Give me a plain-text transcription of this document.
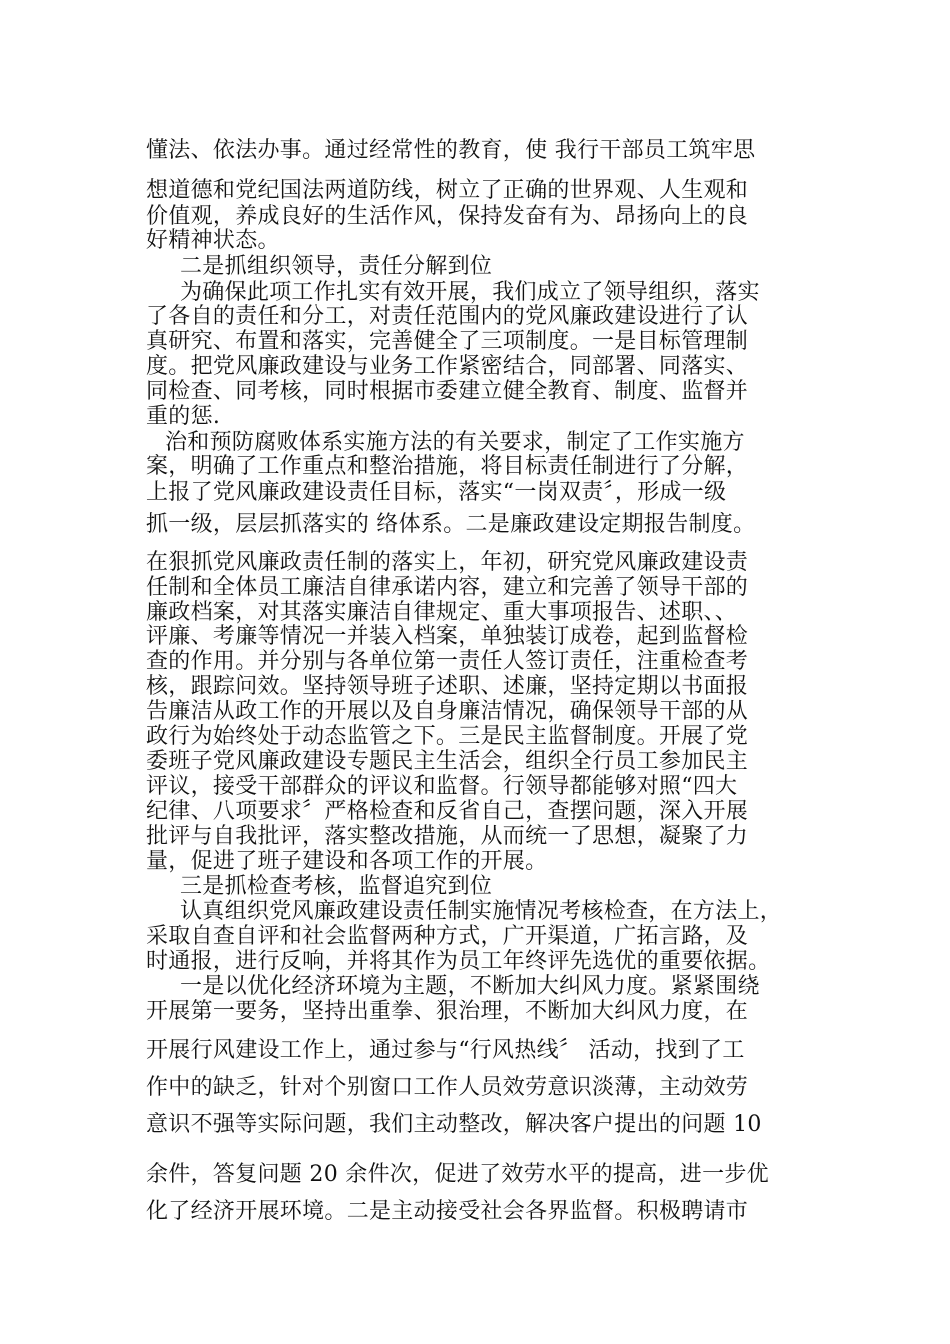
懂法、依法办事。通过经常性的教育，使 我行干部员工筑牢思
想道德和党纪国法两道防线，树立了正确的世界观、人生观和
价值观，养成良好的生活作风，保持发奋有为、昂扬向上的良
好精神状态。
二是抓组织领导，责任分解到位
为确保此项工作扎实有效开展，我们成立了领导组织，落实
了各自的责任和分工，对责任范围内的党风廉政建设进行了认
真研究、布置和落实，完善健全了三项制度。一是目标管理制
度。把党风廉政建设与业务工作紧密结合，同部署、同落实、
同检查、同考核，同时根据市委建立健全教育、制度、监督并
重的惩.
治和预防腐败体系实施方法的有关要求，制定了工作实施方
案，明确了工作重点和整治措施，将目标责任制进行了分解，
上报了党风廉政建设责任目标，落实“一岗双责〞，形成一级
抓一级，层层抓落实的 络体系。二是廉政建设定期报告制度。
在狠抓党风廉政责任制的落实上，年初，研究党风廉政建设责
任制和全体员工廉洁自律承诺内容，建立和完善了领导干部的
廉政档案，对其落实廉洁自律规定、重大事项报告、述职、、
评廉、考廉等情况一并装入档案，单独装订成卷，起到监督检
查的作用。并分别与各单位第一责任人签订责任，注重检查考
核，跟踪问效。坚持领导班子述职、述廉，坚持定期以书面报
告廉洁从政工作的开展以及自身廉洁情况，确保领导干部的从
政行为始终处于动态监管之下。三是民主监督制度。开展了党
委班子党风廉政建设专题民主生活会，组织全行员工参加民主
评议，接受干部群众的评议和监督。行领导都能够对照“四大
纪律、八项要求〞严格检查和反省自己，查摆问题，深入开展
批评与自我批评，落实整改措施，从而统一了思想，凝聚了力
量，促进了班子建设和各项工作的开展。
三是抓检查考核，监督追究到位
认真组织党风廉政建设责任制实施情况考核检查，在方法上，
采取自查自评和社会监督两种方式，广开渠道，广拓言路，及
时通报，进行反响，并将其作为员工年终评先选优的重要依据。
一是以优化经济环境为主题，不断加大纠风力度。紧紧围绕
开展第一要务，坚持出重拳、狠治理，不断加大纠风力度，在
开展行风建设工作上，通过参与“行风热线〞 活动，找到了工
作中的缺乏，针对个别窗口工作人员效劳意识淡薄，主动效劳
意识不强等实际问题，我们主动整改，解决客户提出的问题 10
余件，答复问题 20 余件次，促进了效劳水平的提高，进一步优
化了经济开展环境。二是主动接受社会各界监督。积极聘请市
